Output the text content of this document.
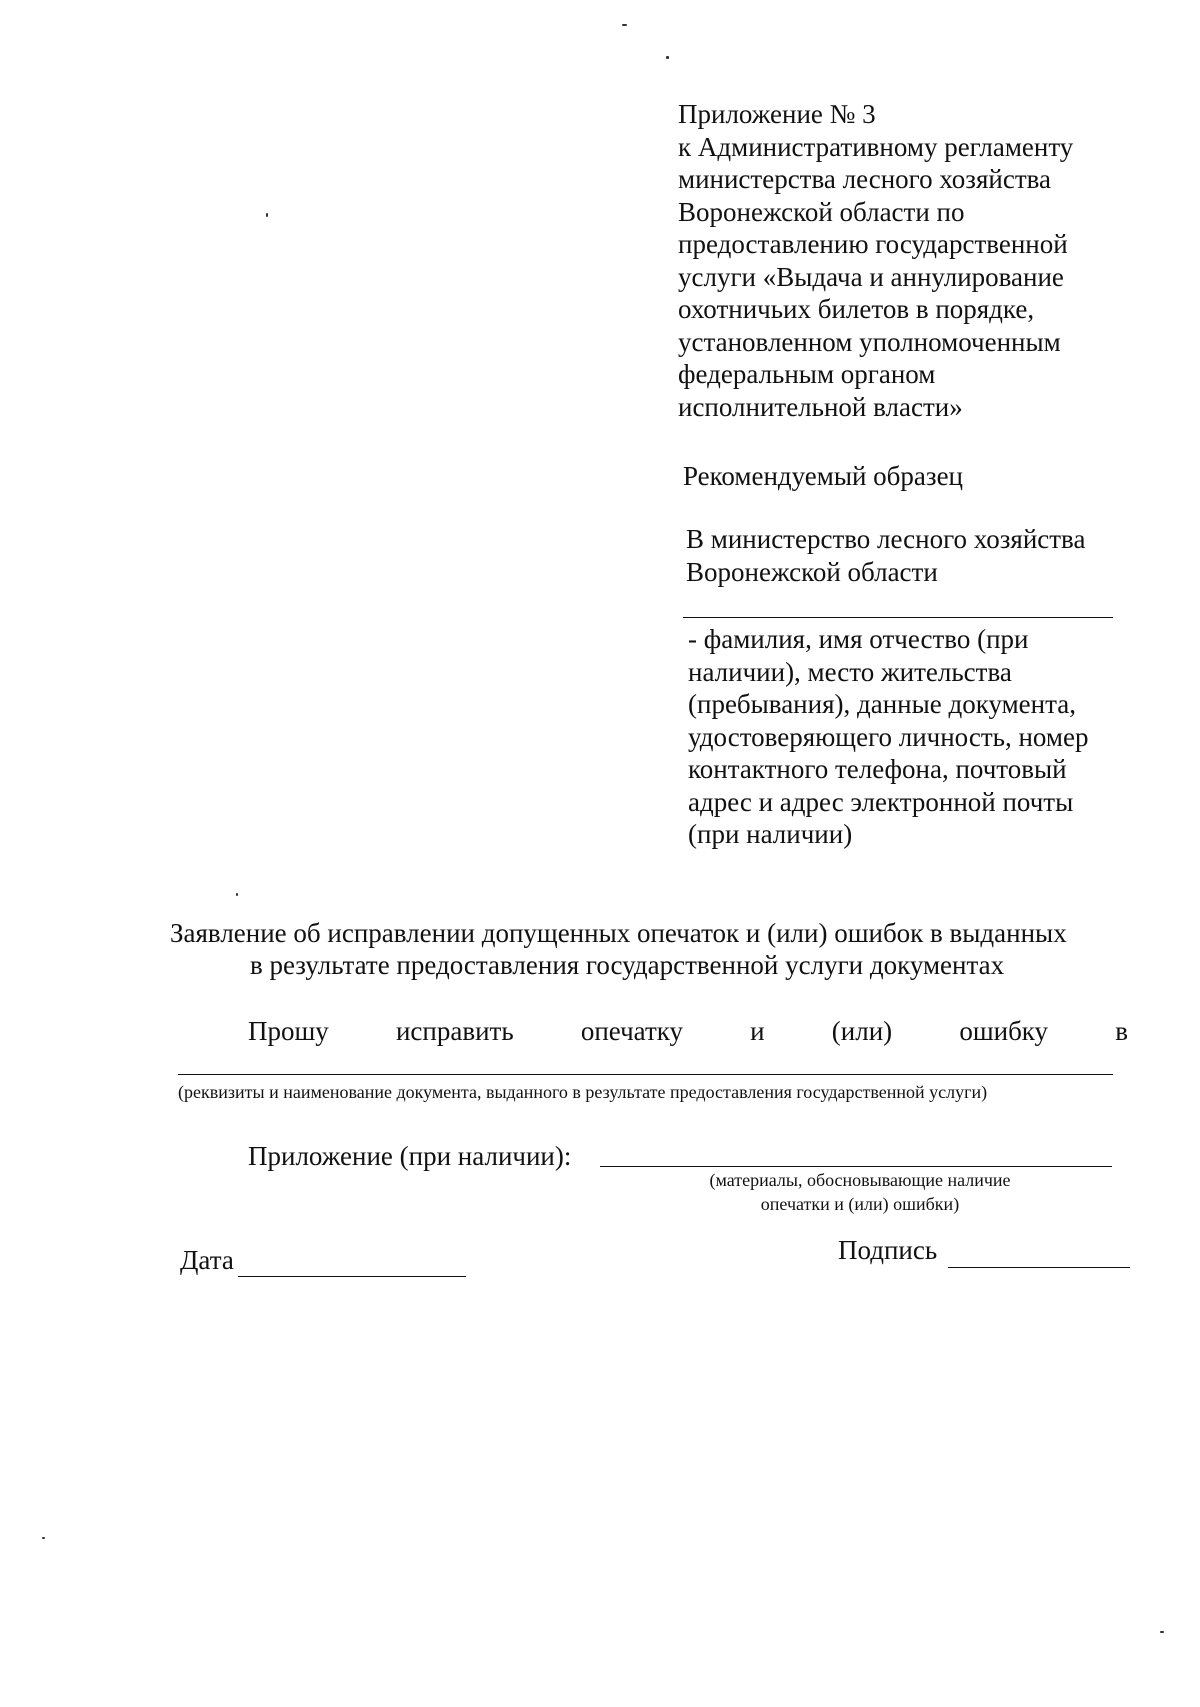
Приложение № 3
к Административному регламенту
министерства лесного хозяйства
Воронежской области по
предоставлению государственной
услуги «Выдача и аннулирование
охотничьих билетов в порядке,
установленном уполномоченным
федеральным органом
исполнительной власти»
Рекомендуемый образец
В министерство лесного хозяйства
Воронежской области
- фамилия, имя отчество (при
наличии), место жительства
(пребывания), данные документа,
удостоверяющего личность, номер
контактного телефона, почтовый
адрес и адрес электронной почты
(при наличии)
Заявление об исправлении допущенных опечаток и (или) ошибок в выданных
в результате предоставления государственной услуги документах
Прошу исправить опечатку и (или) ошибку в
(реквизиты и наименование документа, выданного в результате предоставления государственной услуги)
Приложение (при наличии):
(материалы, обосновывающие наличие
опечатки и (или) ошибки)
Дата	Подпись
